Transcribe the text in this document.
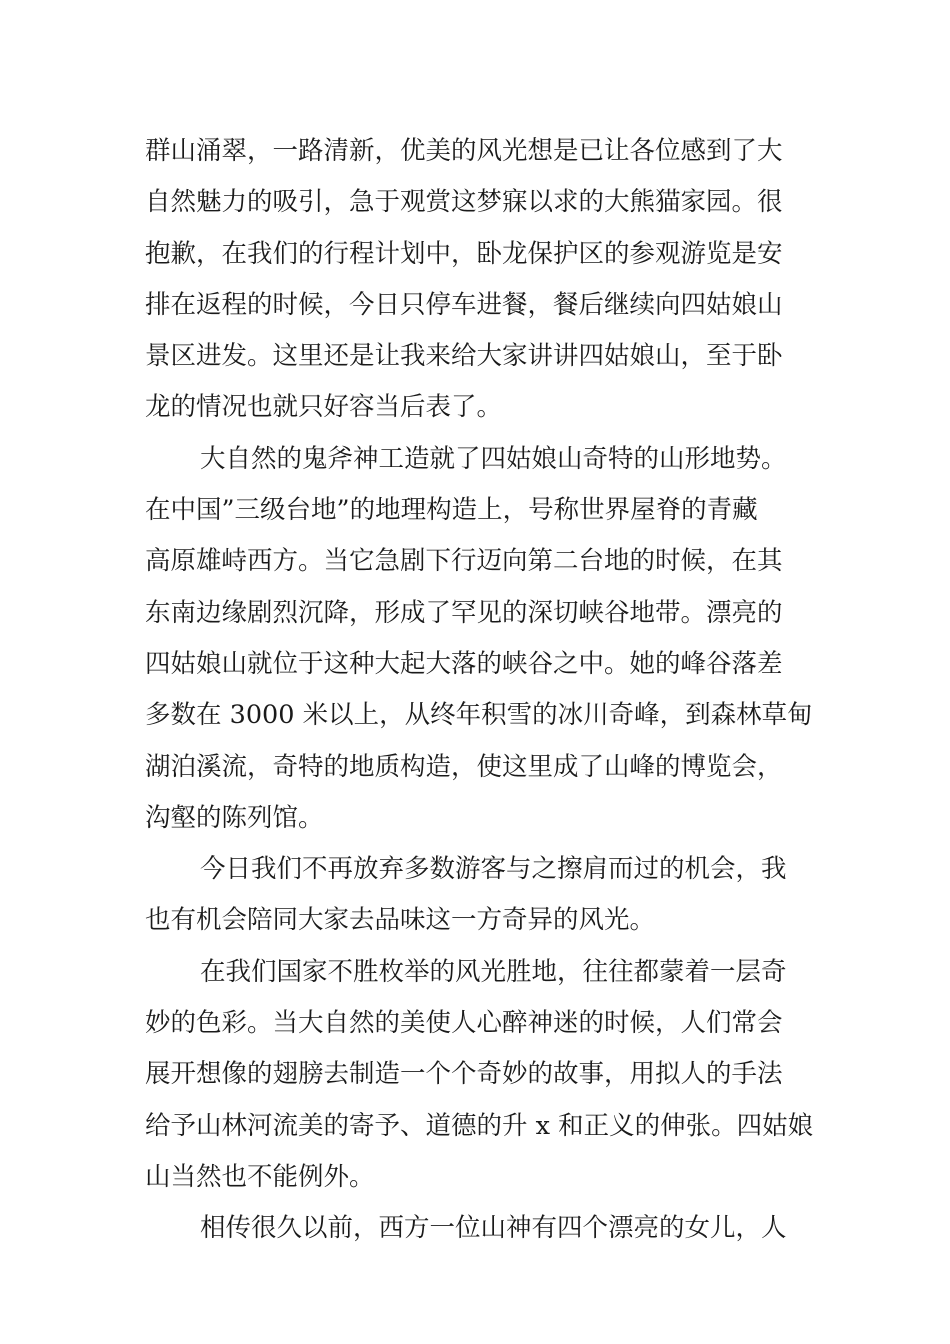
群山涌翠，一路清新，优美的风光想是已让各位感到了大
自然魅力的吸引，急于观赏这梦寐以求的大熊猫家园。很
抱歉，在我们的行程计划中，卧龙保护区的参观游览是安
排在返程的时候，今日只停车进餐，餐后继续向四姑娘山
景区进发。这里还是让我来给大家讲讲四姑娘山，至于卧
龙的情况也就只好容当后表了。
大自然的鬼斧神工造就了四姑娘山奇特的山形地势。
在中国”三级台地”的地理构造上，号称世界屋脊的青藏
高原雄峙西方。当它急剧下行迈向第二台地的时候，在其
东南边缘剧烈沉降，形成了罕见的深切峡谷地带。漂亮的
四姑娘山就位于这种大起大落的峡谷之中。她的峰谷落差
多数在 3000 米以上，从终年积雪的冰川奇峰，到森林草甸
湖泊溪流，奇特的地质构造，使这里成了山峰的博览会，
沟壑的陈列馆。
今日我们不再放弃多数游客与之擦肩而过的机会，我
也有机会陪同大家去品味这一方奇异的风光。
在我们国家不胜枚举的风光胜地，往往都蒙着一层奇
妙的色彩。当大自然的美使人心醉神迷的时候，人们常会
展开想像的翅膀去制造一个个奇妙的故事，用拟人的手法
给予山林河流美的寄予、道德的升 x 和正义的伸张。四姑娘
山当然也不能例外。
相传很久以前，西方一位山神有四个漂亮的女儿，人
